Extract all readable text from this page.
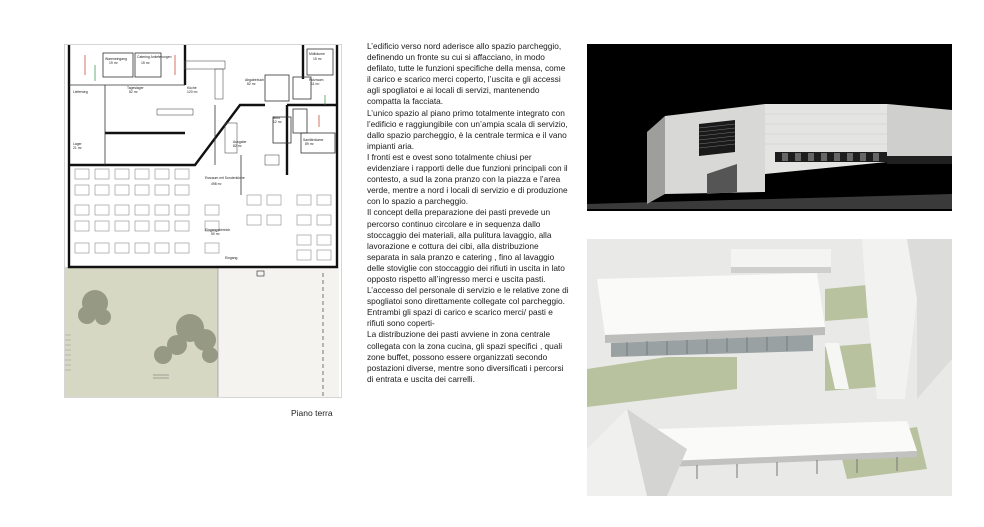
Wareneingang
19 m²
Catering Anlieferungen
15 m²
Müllräume
15 m²
Lieferweg
Tageslager
82 m²
Küche
120 m²
Abgabebuch
82 m²
Putzraum
11 m²
Lager
21 m²
Büro
12 m²
Sanitärräume
89 m²
Ausgabe
82 m²
Essraum mit Sonderküche
498 m²
Eingangsbereich
50 m²
Eingang
Piano terra

L’edificio verso nord aderisce allo spazio parcheggio, definendo un fronte su cui si affacciano, in modo defilato, tutte le funzioni specifiche della mensa, come il carico e scarico merci coperto, l’uscita e gli accessi agli spogliatoi e ai locali di servizi, mantenendo compatta la facciata.

L’unico spazio al piano primo totalmente integrato con l’edificio e raggiungibile con un’ampia scala di servizio, dallo spazio parcheggio, è la centrale termica e il vano impianti aria.

I fronti est e ovest sono totalmente chiusi per evidenziare i rapporti delle due funzioni principali con il contesto, a sud la zona pranzo con la piazza e l’area verde, mentre a nord i locali di servizio e di produzione con lo spazio a parcheggio.

Il concept della preparazione dei pasti prevede un percorso continuo circolare e in sequenza dallo stoccaggio dei materiali, alla pulitura lavaggio, alla lavorazione e cottura dei cibi, alla distribuzione separata in sala pranzo e catering , fino al lavaggio delle stoviglie con stoccaggio dei rifiuti in uscita in lato opposto rispetto all’ingresso merci e uscita pasti.

L’accesso del personale di servizio e le relative zone di spogliatoi sono direttamente collegate col parcheggio.

Entrambi gli spazi di carico e scarico merci/ pasti e rifiuti sono coperti-

La distribuzione dei pasti avviene in zona centrale collegata con la zona cucina, gli spazi specifici , quali zone buffet, possono essere organizzati secondo postazioni diverse, mentre sono diversificati i percorsi di entrata e uscita dei carrelli.
